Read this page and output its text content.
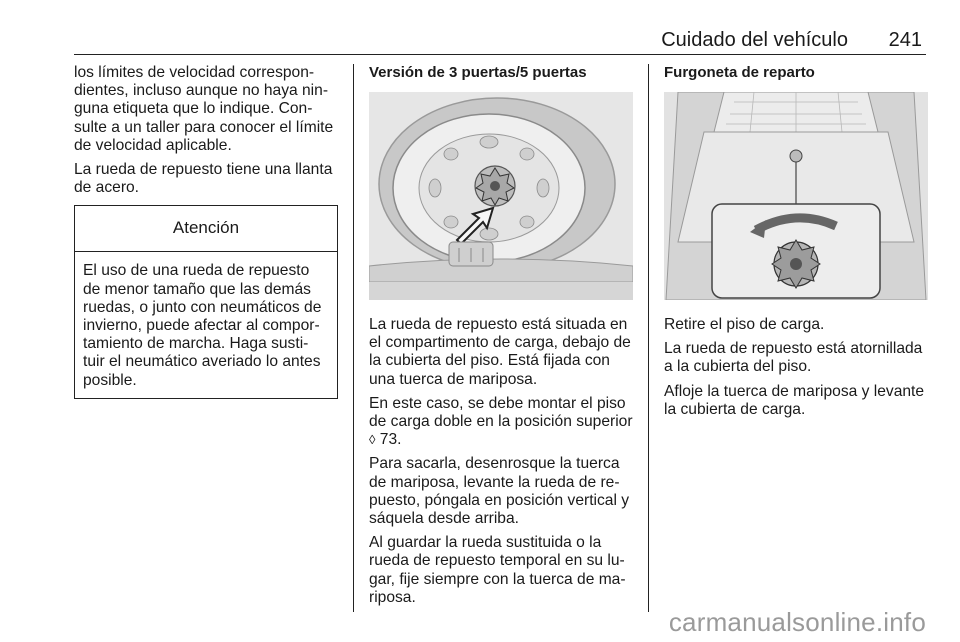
Cuidado del vehículo 241

los límites de velocidad correspon-dientes, incluso aunque no haya nin-guna etiqueta que lo indique. Con-sulte a un taller para conocer el límite de velocidad aplicable.

La rueda de repuesto tiene una llanta de acero.

Atención
El uso de una rueda de repuesto de menor tamaño que las demás ruedas, o junto con neumáticos de invierno, puede afectar al compor-tamiento de marcha. Haga susti-tuir el neumático averiado lo antes posible.
Versión de 3 puertas/5 puertas

La rueda de repuesto está situada en el compartimento de carga, debajo de la cubierta del piso. Está fijada con una tuerca de mariposa.

En este caso, se debe montar el piso de carga doble en la posición superior ◊ 73.

Para sacarla, desenrosque la tuerca de mariposa, levante la rueda de re-puesto, póngala en posición vertical y sáquela desde arriba.

Al guardar la rueda sustituida o la rueda de repuesto temporal en su lu-gar, fije siempre con la tuerca de ma-riposa.

Furgoneta de reparto

Retire el piso de carga.

La rueda de repuesto está atornillada a la cubierta del piso.

Afloje la tuerca de mariposa y levante la cubierta de carga.

carmanualsonline.info
